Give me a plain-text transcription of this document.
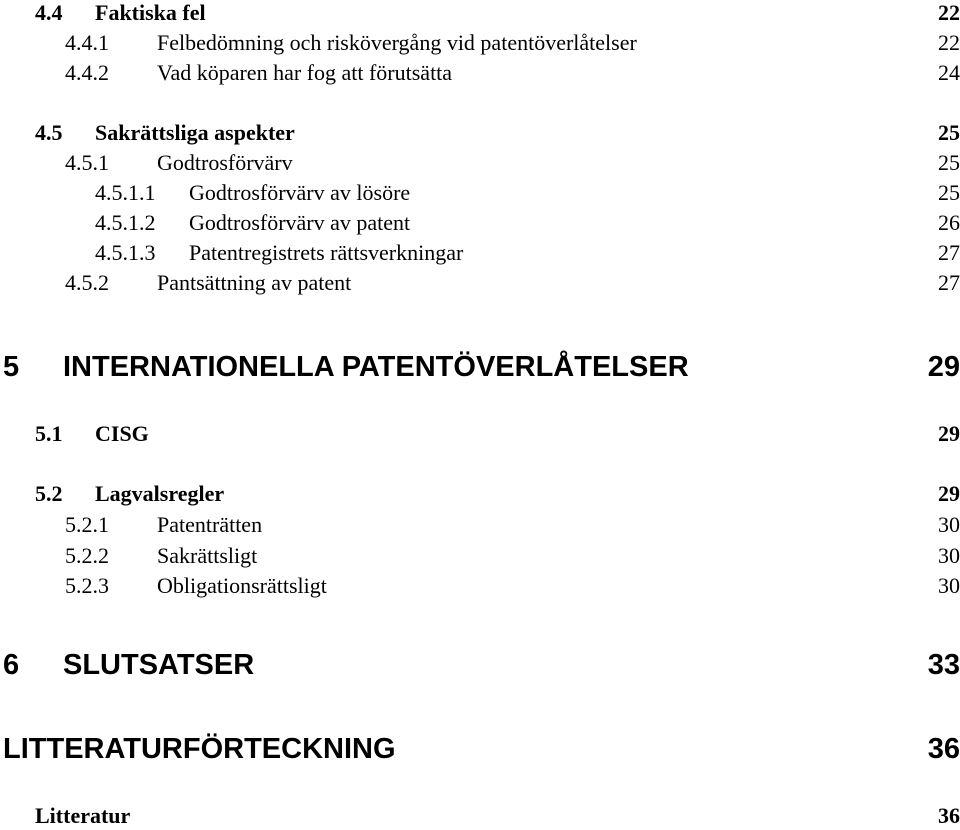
4.4 Faktiska fel	22
4.4.1 Felbedömning och riskövergång vid patentöverlåtelser	22
4.4.2 Vad köparen har fog att förutsätta	24
4.5 Sakrättsliga aspekter	25
4.5.1 Godtrosförvärv	25
4.5.1.1 Godtrosförvärv av lösöre	25
4.5.1.2 Godtrosförvärv av patent	26
4.5.1.3 Patentregistrets rättsverkningar	27
4.5.2 Pantsättning av patent	27
5 INTERNATIONELLA PATENTÖVERLÅTELSER	29
5.1 CISG	29
5.2 Lagvalsregler	29
5.2.1 Patenträtten	30
5.2.2 Sakrättsligt	30
5.2.3 Obligationsrättsligt	30
6 SLUTSATSER	33
LITTERATURFÖRTECKNING	36
Litteratur	36
